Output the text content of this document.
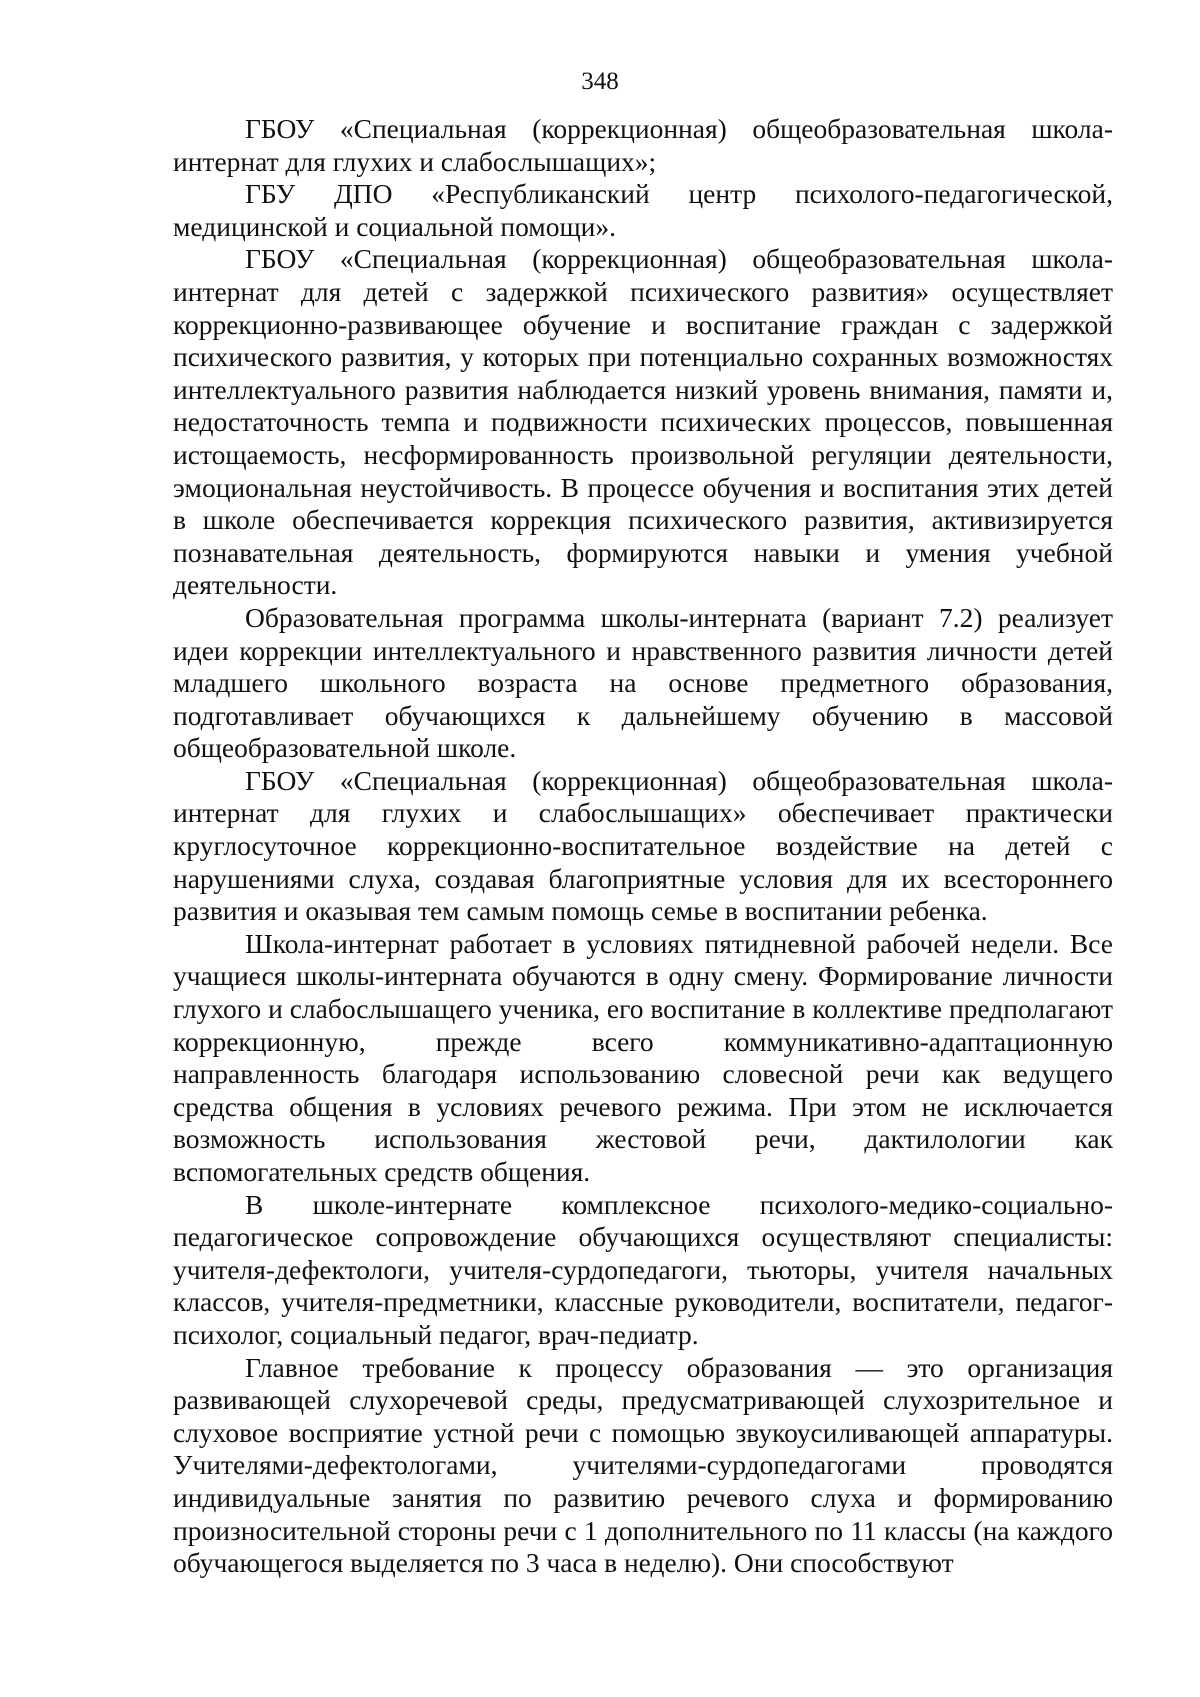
348

ГБОУ «Специальная (коррекционная) общеобразовательная школа-интернат для глухих и слабослышащих»;

ГБУ ДПО «Республиканский центр психолого-педагогической, медицинской и социальной помощи».

ГБОУ «Специальная (коррекционная) общеобразовательная школа-интернат для детей с задержкой психического развития» осуществляет коррекционно-развивающее обучение и воспитание граждан с задержкой психического развития, у которых при потенциально сохранных возможностях интеллектуального развития наблюдается низкий уровень внимания, памяти и, недостаточность темпа и подвижности психических процессов, повышенная истощаемость, несформированность произвольной регуляции деятельности, эмоциональная неустойчивость. В процессе обучения и воспитания этих детей в школе обеспечивается коррекция психического развития, активизируется познавательная деятельность, формируются навыки и умения учебной деятельности.

Образовательная программа школы-интерната (вариант 7.2) реализует идеи коррекции интеллектуального и нравственного развития личности детей младшего школьного возраста на основе предметного образования, подготавливает обучающихся к дальнейшему обучению в массовой общеобразовательной школе.

ГБОУ «Специальная (коррекционная) общеобразовательная школа-интернат для глухих и слабослышащих» обеспечивает практически круглосуточное коррекционно-воспитательное воздействие на детей с нарушениями слуха, создавая благоприятные условия для их всестороннего развития и оказывая тем самым помощь семье в воспитании ребенка.

Школа-интернат работает в условиях пятидневной рабочей недели. Все учащиеся школы-интерната обучаются в одну смену. Формирование личности глухого и слабослышащего ученика, его воспитание в коллективе предполагают коррекционную, прежде всего коммуникативно-адаптационную направленность благодаря использованию словесной речи как ведущего средства общения в условиях речевого режима. При этом не исключается возможность использования жестовой речи, дактилологии как вспомогательных средств общения.

В школе-интернате комплексное психолого-медико-социально-педагогическое сопровождение обучающихся осуществляют специалисты: учителя-дефектологи, учителя-сурдопедагоги, тьюторы, учителя начальных классов, учителя-предметники, классные руководители, воспитатели, педагог-психолог, социальный педагог, врач-педиатр.

Главное требование к процессу образования — это организация развивающей слухоречевой среды, предусматривающей слухозрительное и слуховое восприятие устной речи с помощью звукоусиливающей аппаратуры. Учителями-дефектологами, учителями-сурдопедагогами проводятся индивидуальные занятия по развитию речевого слуха и формированию произносительной стороны речи с 1 дополнительного по 11 классы (на каждого обучающегося выделяется по 3 часа в неделю). Они способствуют
